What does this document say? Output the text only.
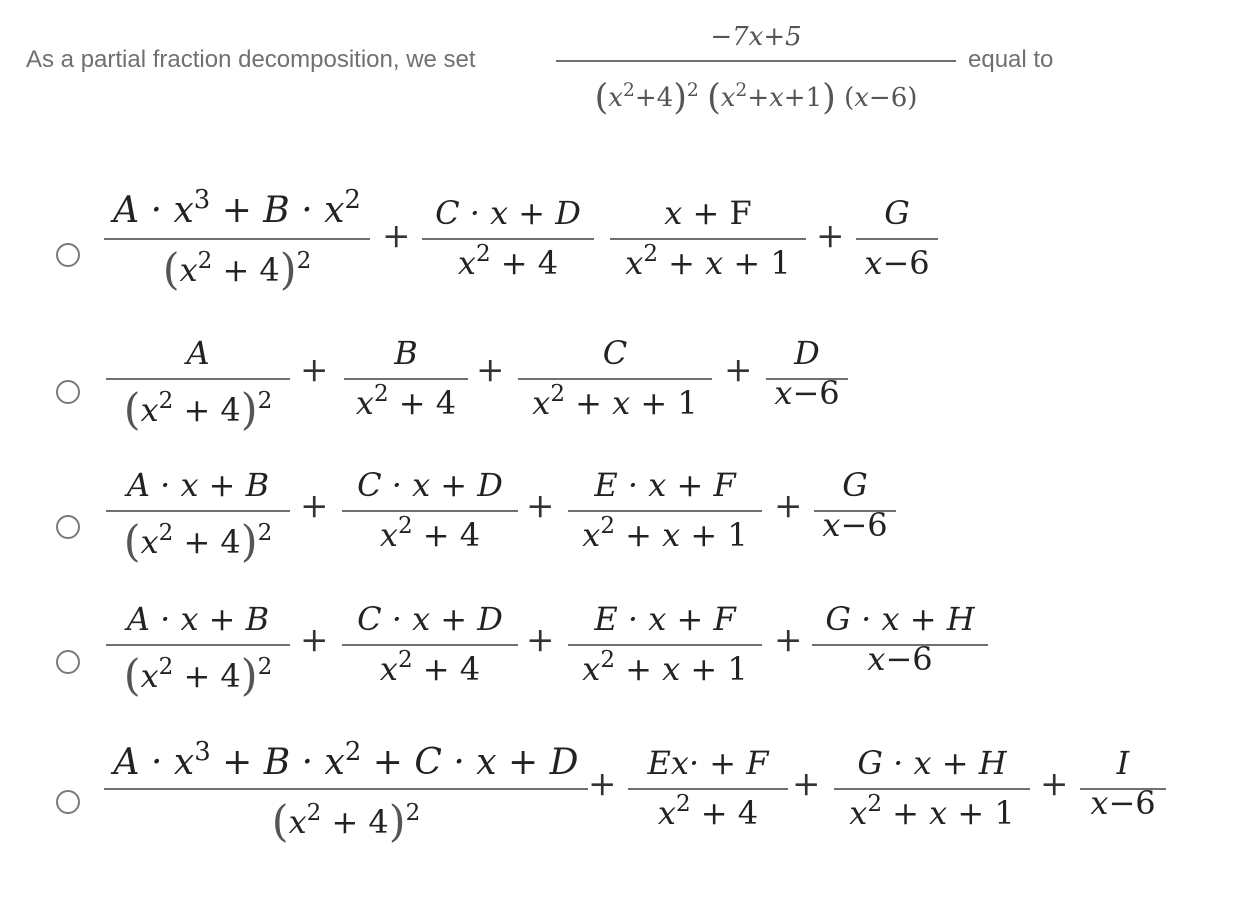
As a partial fraction decomposition, we set
−7x+5
$(x^2+4)^2$ $(x^2+x+1)$ (x−6)
equal to
$A \cdot x^3 + B \cdot x^2$
$(x^2 + 4)^2$
+
C · x + D
$x^2 + 4$
x + F
$x^2 + x + 1$
+
G
x−6
A
$(x^2 + 4)^2$
+	B
$x^2 + 4$
+	C
$x^2 + x + 1$
+	D
x−6
A · x + B
$(x^2 + 4)^2$
+
C · x + D
$x^2 + 4$
+
E · x + F
$x^2 + x + 1$
+
G
x−6
A · x + B
$(x^2 + 4)^2$
+
C · x + D
$x^2 + 4$
+
E · x + F
$x^2 + x + 1$
+
G · x + H
x−6
$A \cdot x^3 + B \cdot x^2 + C \cdot x + D$
$(x^2 + 4)^2$
+
Ex· + F
$x^2 + 4$
+
G · x + H
$x^2 + x + 1$
+
I
x−6
